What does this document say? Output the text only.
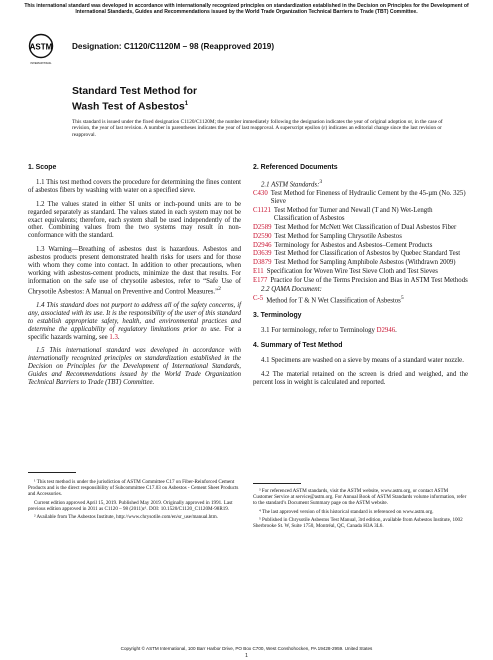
This international standard was developed in accordance with internationally recognized principles on standardization established in the Decision on Principles for the Development of International Standards, Guides and Recommendations issued by the World Trade Organization Technical Barriers to Trade (TBT) Committee.
ASTM
INTERNATIONAL
Designation: C1120/C1120M – 98 (Reapproved 2019)
Standard Test Method for
Wash Test of Asbestos$^1$
This standard is issued under the fixed designation C1120/C1120M; the number immediately following the designation indicates the year of original adoption or, in the case of revision, the year of last revision. A number in parentheses indicates the year of last reapproval. A superscript epsilon (ε) indicates an editorial change since the last revision or reapproval.
1. Scope

1.1 This test method covers the procedure for determining the fines content of asbestos fibers by washing with water on a specified sieve.

1.2 The values stated in either SI units or inch-pound units are to be regarded separately as standard. The values stated in each system may not be exact equivalents; therefore, each system shall be used independently of the other. Combining values from the two systems may result in non-conformance with the standard.

1.3 Warning—Breathing of asbestos dust is hazardous. Asbestos and asbestos products present demonstrated health risks for users and for those with whom they come into contact. In addition to other precautions, when working with asbestos-cement products, minimize the dust that results. For information on the safe use of chrysotile asbestos, refer to “Safe Use of Chrysotile Asbestos: A Manual on Preventive and Control Measures.”$^2$

1.4 This standard does not purport to address all of the safety concerns, if any, associated with its use. It is the responsibility of the user of this standard to establish appropriate safety, health, and environmental practices and determine the applicability of regulatory limitations prior to use. For a specific hazards warning, see 1.3.

1.5 This international standard was developed in accordance with internationally recognized principles on standardization established in the Decision on Principles for the Development of International Standards, Guides and Recommendations issued by the World Trade Organization Technical Barriers to Trade (TBT) Committee.

2. Referenced Documents
2.1 ASTM Standards:$^3$
C430 Test Method for Fineness of Hydraulic Cement by the 45-µm (No. 325) Sieve
C1121 Test Method for Turner and Newall (T and N) Wet-Length Classification of Asbestos
D2589 Test Method for McNett Wet Classification of Dual Asbestos Fiber
D2590 Test Method for Sampling Chrysotile Asbestos
D2946 Terminology for Asbestos and Asbestos–Cement Products
D3639 Test Method for Classification of Asbestos by Quebec Standard Test
D3879 Test Method for Sampling Amphibole Asbestos (Withdrawn 2009)
E11 Specification for Woven Wire Test Sieve Cloth and Test Sieves
E177 Practice for Use of the Terms Precision and Bias in ASTM Test Methods
2.2 QAMA Document:
C-5 Method for T & N Wet Classification of Asbestos$^5$
3. Terminology

3.1 For terminology, refer to Terminology D2946.

4. Summary of Test Method

4.1 Specimens are washed on a sieve by means of a standard water nozzle.

4.2 The material retained on the screen is dried and weighed, and the percent loss in weight is calculated and reported.

¹ This test method is under the jurisdiction of ASTM Committee C17 on Fiber-Reinforced Cement Products and is the direct responsibility of Subcommittee C17.03 on Asbestos - Cement Sheet Products and Accessories.

Current edition approved April 15, 2019. Published May 2019. Originally approved in 1991. Last previous edition approved in 2011 as C1120 – 98 (2011)ε¹. DOI: 10.1520/C1120_C1120M-98R19.

² Available from The Asbestos Institute, http://www.chrysotile.com/en/sr_use/manual.htm.

³ For referenced ASTM standards, visit the ASTM website, www.astm.org, or contact ASTM Customer Service at service@astm.org. For Annual Book of ASTM Standards volume information, refer to the standard’s Document Summary page on the ASTM website.

⁴ The last approved version of this historical standard is referenced on www.astm.org.

⁵ Published in Chrysotile Asbestos Test Manual, 3rd edition, available from Asbestos Institute, 1002 Sherbrooke St. W, Suite 1750, Montréal, QC, Canada H3A 3L6.

Copyright © ASTM International, 100 Barr Harbor Drive, PO Box C700, West Conshohocken, PA 19428-2959. United States
1
